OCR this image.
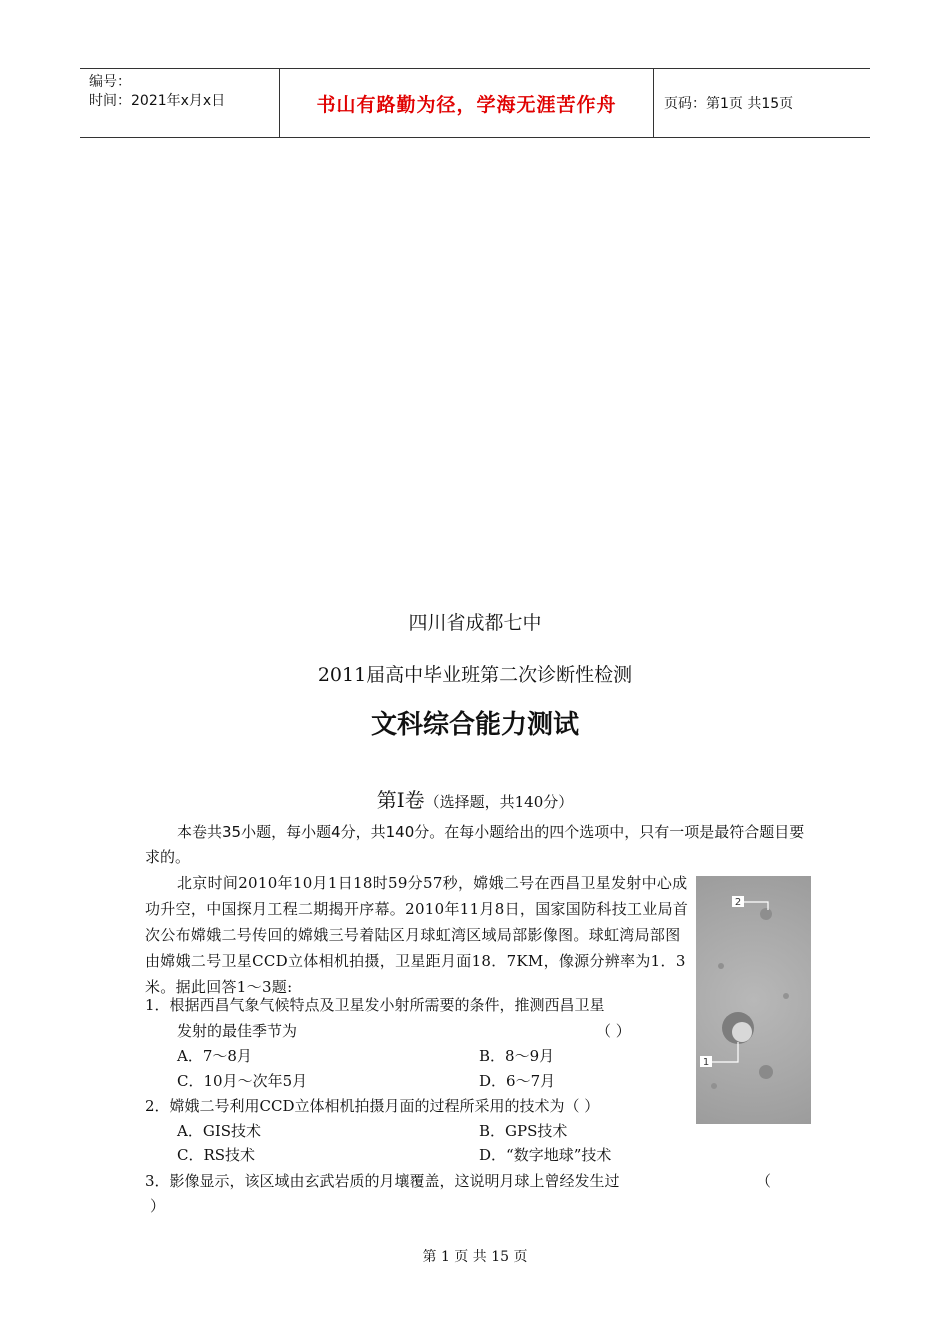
编号：
时间：2021年x月x日	书山有路勤为径，学海无涯苦作舟	页码：第1页 共15页
四川省成都七中
2011届高中毕业班第二次诊断性检测
文科综合能力测试
第Ⅰ卷（选择题，共140分）
本卷共35小题，每小题4分，共140分。在每小题给出的四个选项中，只有一项是最符合题目要求的。
北京时间2010年10月1日18时59分57秒，嫦娥二号在西昌卫星发射中心成功升空，中国探月工程二期揭开序幕。2010年11月8日，国家国防科技工业局首次公布嫦娥二号传回的嫦娥三号着陆区月球虹湾区域局部影像图。球虹湾局部图由嫦娥二号卫星CCD立体相机拍摄，卫星距月面18．7KM，像源分辨率为1．3米。据此回答1～3题:
1．根据西昌气象气候特点及卫星发小射所需要的条件，推测西昌卫星
发射的最佳季节为	（ ）
A．7～8月	B．8～9月
C．10月～次年5月	D．6～7月
2．嫦娥二号利用CCD立体相机拍摄月面的过程所采用的技术为（ ）
A．GIS技术	B．GPS技术
C．RS技术	D．“数字地球”技术
3．影像显示，该区域由玄武岩质的月壤覆盖，这说明月球上曾经发生过	（
）
2
1
第 1 页 共 15 页
